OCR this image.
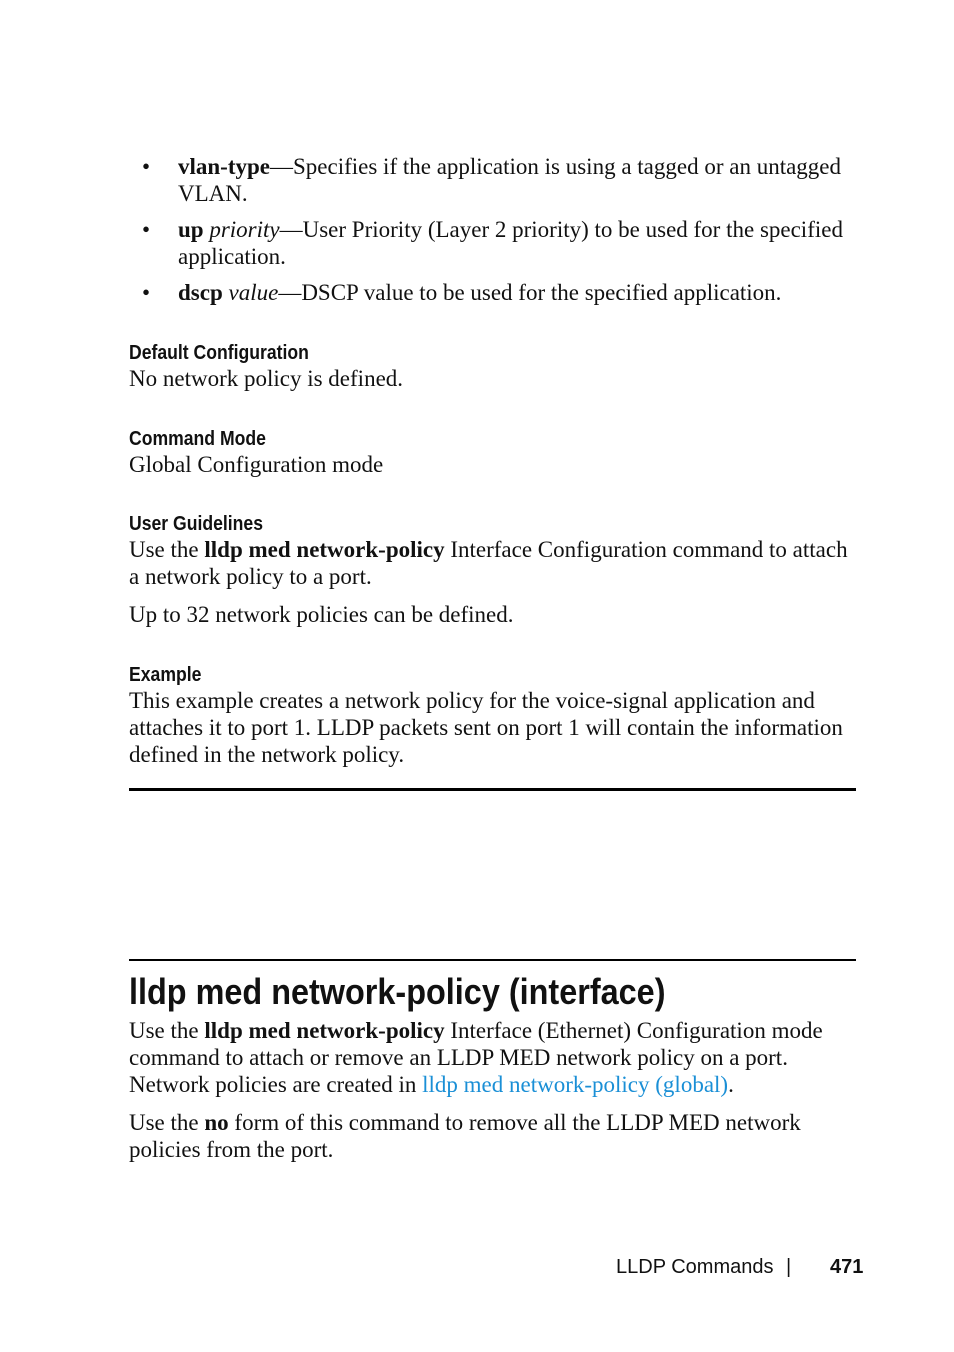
• vlan-type—Specifies if the application is using a tagged or an untagged VLAN.
• up priority—User Priority (Layer 2 priority) to be used for the specified application.
• dscp value—DSCP value to be used for the specified application.
Default Configuration

No network policy is defined.

Command Mode

Global Configuration mode

User Guidelines

Use the lldp med network-policy Interface Configuration command to attach a network policy to a port.

Up to 32 network policies can be defined.

Example

This example creates a network policy for the voice-signal application and attaches it to port 1. LLDP packets sent on port 1 will contain the information defined in the network policy.

lldp med network-policy (interface)

Use the lldp med network-policy Interface (Ethernet) Configuration mode command to attach or remove an LLDP MED network policy on a port. Network policies are created in lldp med network-policy (global).

Use the no form of this command to remove all the LLDP MED network policies from the port.

LLDP Commands | 471
